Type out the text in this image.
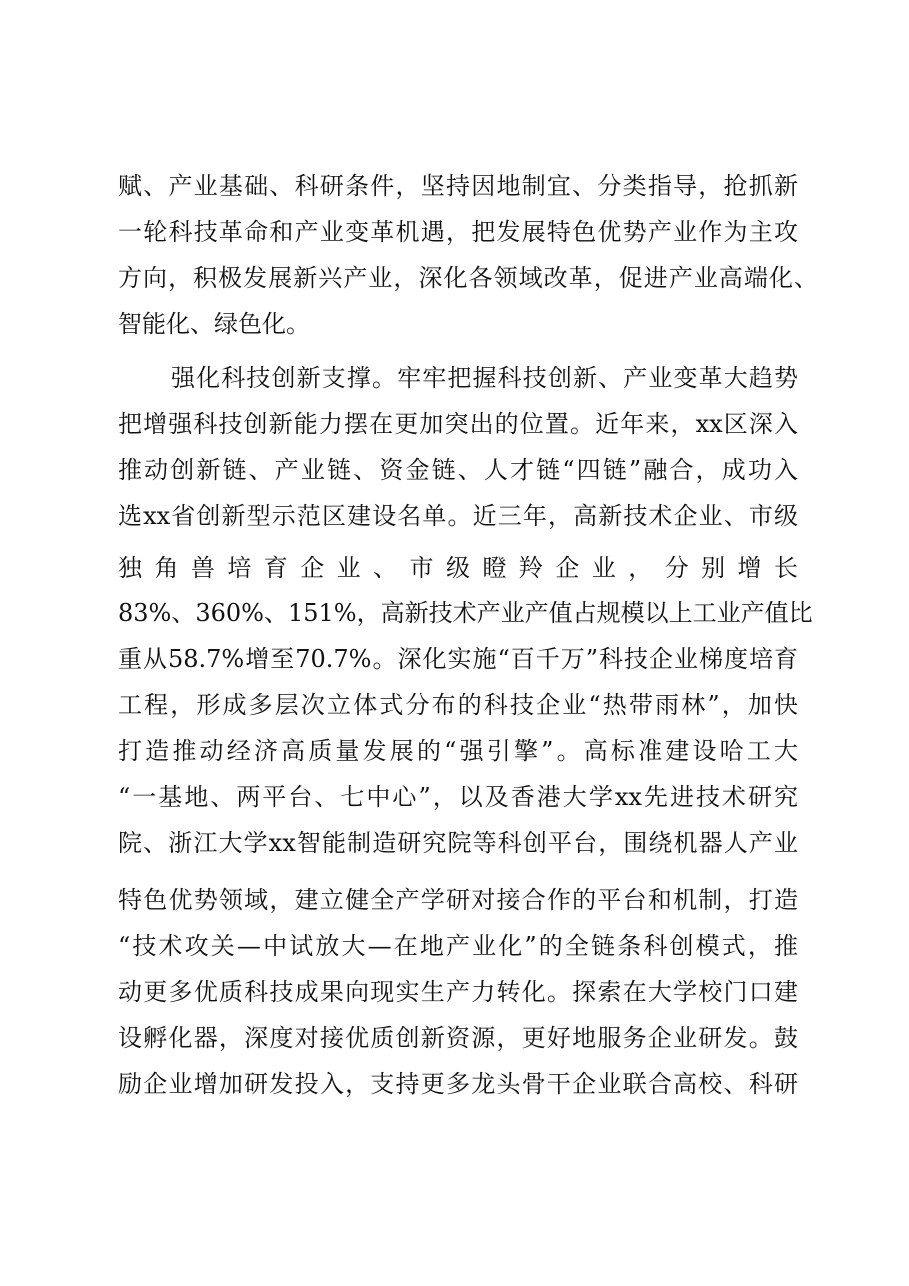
赋、产业基础、科研条件，坚持因地制宜、分类指导，抢抓新
一轮科技革命和产业变革机遇，把发展特色优势产业作为主攻
方向，积极发展新兴产业，深化各领域改革，促进产业高端化、
智能化、绿色化。
强化科技创新支撑。牢牢把握科技创新、产业变革大趋势
把增强科技创新能力摆在更加突出的位置。近年来，xx区深入
推动创新链、产业链、资金链、人才链“四链”融合，成功入
选xx省创新型示范区建设名单。近三年，高新技术企业、市级
独角兽培育企业、市级瞪羚企业，分别增长
83%、360%、151%，高新技术产业产值占规模以上工业产值比
重从58.7%增至70.7%。深化实施“百千万”科技企业梯度培育
工程，形成多层次立体式分布的科技企业“热带雨林”，加快
打造推动经济高质量发展的“强引擎”。高标准建设哈工大
“一基地、两平台、七中心”，以及香港大学xx先进技术研究
院、浙江大学xx智能制造研究院等科创平台，围绕机器人产业
特色优势领域，建立健全产学研对接合作的平台和机制，打造
“技术攻关—中试放大—在地产业化”的全链条科创模式，推
动更多优质科技成果向现实生产力转化。探索在大学校门口建
设孵化器，深度对接优质创新资源，更好地服务企业研发。鼓
励企业增加研发投入，支持更多龙头骨干企业联合高校、科研
